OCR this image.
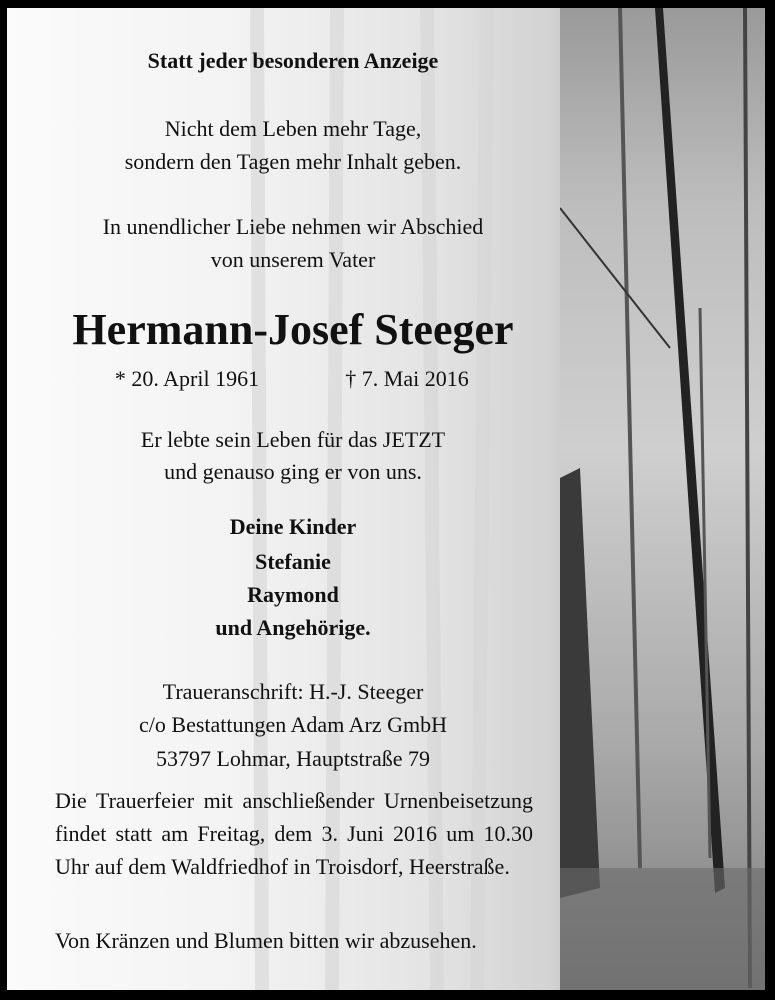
Statt jeder besonderen Anzeige
Nicht dem Leben mehr Tage,
sondern den Tagen mehr Inhalt geben.
In unendlicher Liebe nehmen wir Abschied
von unserem Vater
Hermann-Josef Steeger
* 20. April 1961	† 7. Mai 2016
Er lebte sein Leben für das JETZT
und genauso ging er von uns.
Deine Kinder
Stefanie
Raymond
und Angehörige.
Traueranschrift: H.-J. Steeger
c/o Bestattungen Adam Arz GmbH
53797 Lohmar, Hauptstraße 79
Die Trauerfeier mit anschließender Urnenbeisetzung findet statt am Freitag, dem 3. Juni 2016 um 10.30 Uhr auf dem Waldfriedhof in Troisdorf, Heerstraße.
Von Kränzen und Blumen bitten wir abzusehen.
